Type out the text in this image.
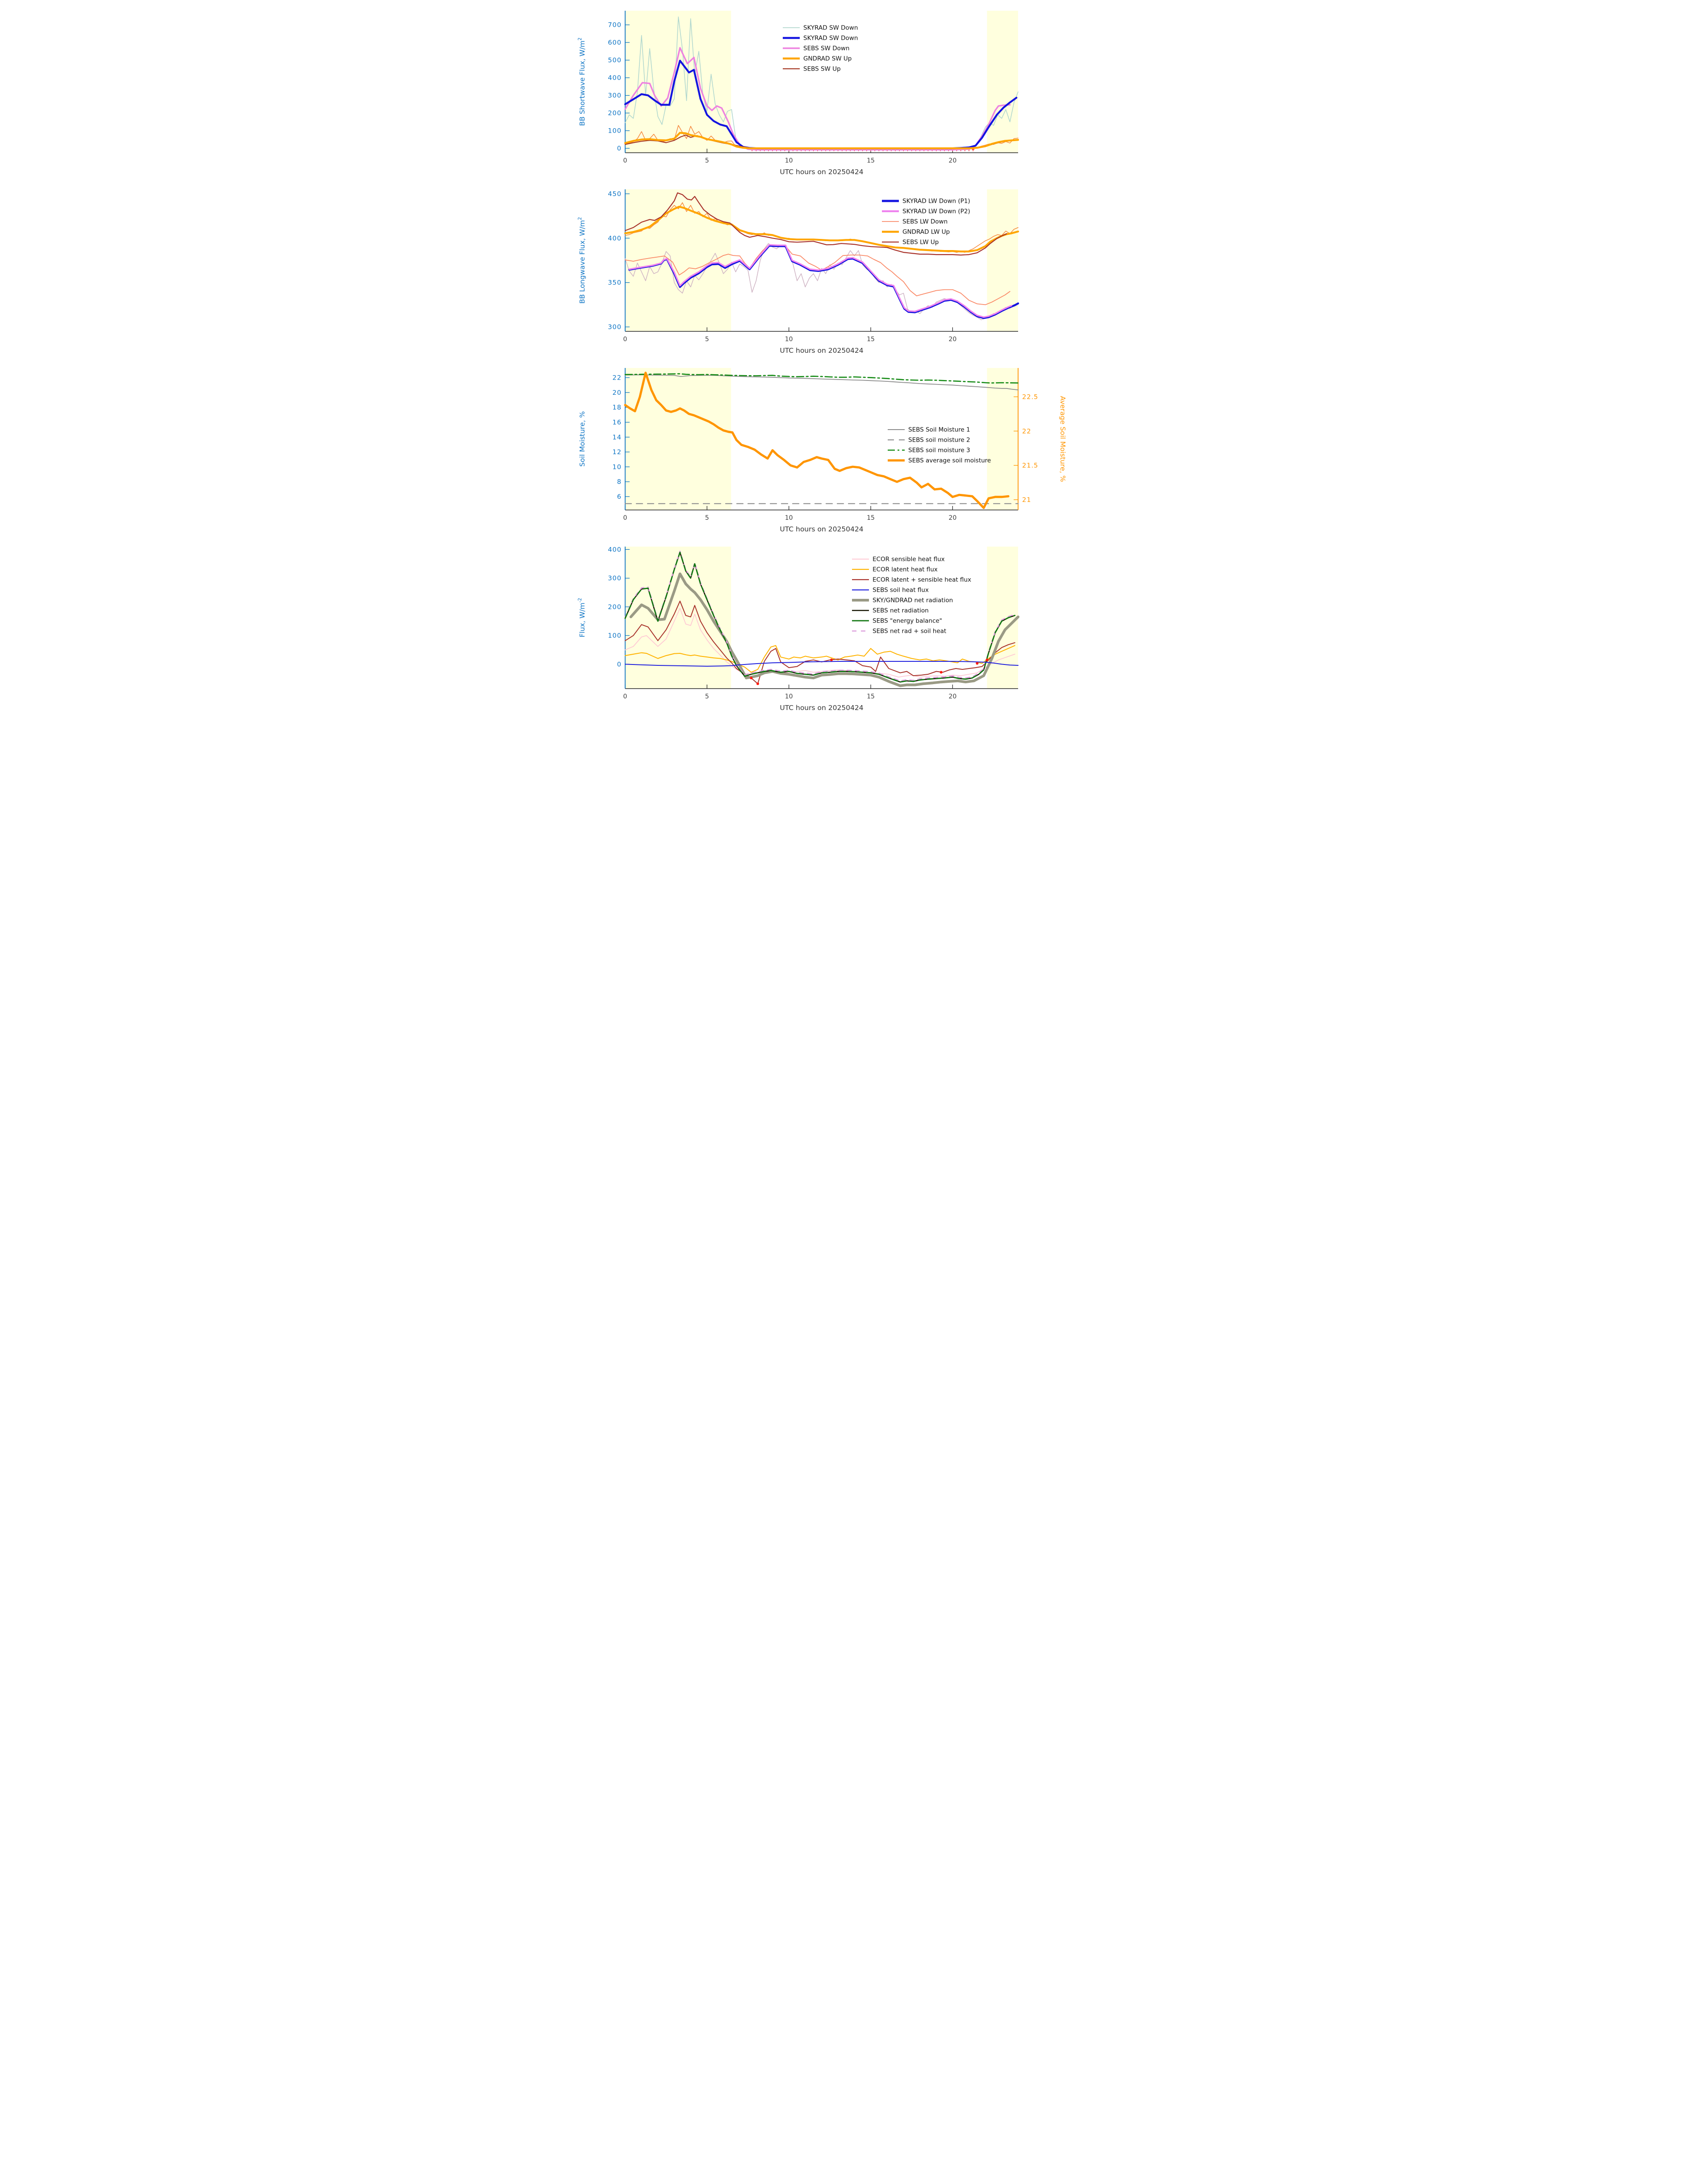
0	5	10	15	20
UTC hours on 20250424
0
100
200
300
400
500
600
700
BB Shortwave Flux, $W/m^2$
SKYRAD SW Down
SKYRAD SW Down
SEBS SW Down
GNDRAD SW Up
SEBS SW Up
0	5	10	15	20
UTC hours on 20250424
300
350
400
450
BB Longwave Flux, $W/m^2$
SKYRAD LW Down (P1)
SKYRAD LW Down (P2)
SEBS LW Down
GNDRAD LW Up
SEBS LW Up
0	5	10	15	20
UTC hours on 20250424
6
8
10
12
14
16
18
20
22
Soil Moisture, %
21
21.5
22
22.5	Average Soil Moisture, %
SEBS Soil Moisture 1
SEBS soil moisture 2
SEBS soil moisture 3
SEBS average soil moisture
0	5	10	15	20
UTC hours on 20250424
0
100
200
300
400
Flux, $W/m^{-2}$
ECOR sensible heat flux
ECOR latent heat flux
ECOR latent + sensible heat flux
SEBS soil heat flux
SKY/GNDRAD net radiation
SEBS net radiation
SEBS "energy balance"
SEBS net rad + soil heat
